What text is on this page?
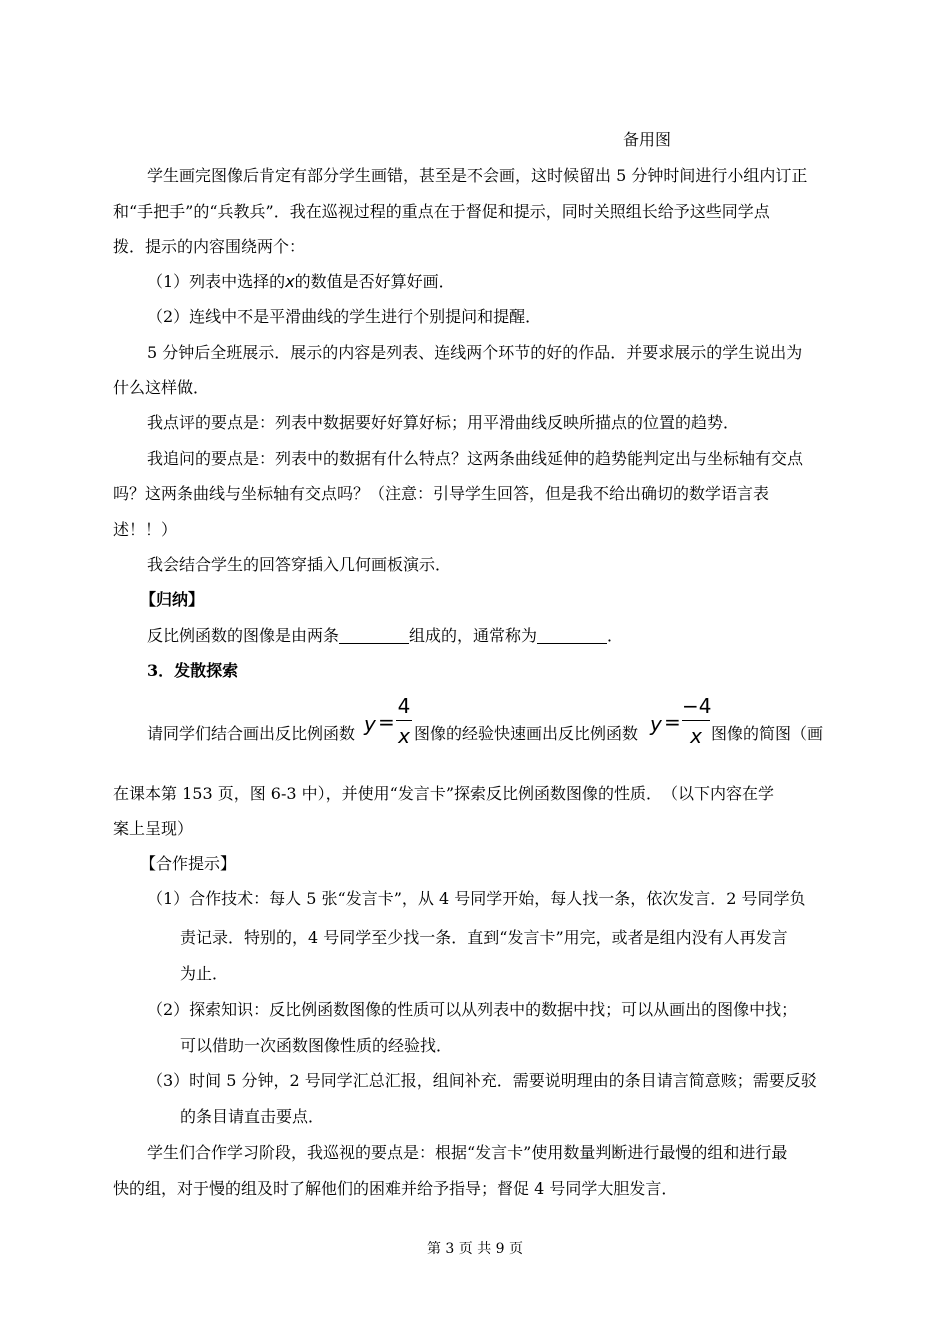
备用图
学生画完图像后肯定有部分学生画错，甚至是不会画，这时候留出 5 分钟时间进行小组内订正
和“手把手”的“兵教兵”．我在巡视过程的重点在于督促和提示，同时关照组长给予这些同学点
拨．提示的内容围绕两个：
（1）列表中选择的x的数值是否好算好画．
（2）连线中不是平滑曲线的学生进行个别提问和提醒．
5 分钟后全班展示．展示的内容是列表、连线两个环节的好的作品．并要求展示的学生说出为
什么这样做．
我点评的要点是：列表中数据要好好算好标；用平滑曲线反映所描点的位置的趋势．
我追问的要点是：列表中的数据有什么特点？这两条曲线延伸的趋势能判定出与坐标轴有交点
吗？这两条曲线与坐标轴有交点吗？（注意：引导学生回答，但是我不给出确切的数学语言表
述！！）
我会结合学生的回答穿插入几何画板演示．
【归纳】
反比例函数的图像是由两条	组成的，通常称为	．
3．发散探索
y =
4
x	y =
−4
x
请同学们结合画出反比例函数	图像的经验快速画出反比例函数	图像的简图（画
在课本第 153 页，图 6-3 中），并使用“发言卡”探索反比例函数图像的性质．　（以下内容在学
案上呈现）
【合作提示】
（1）合作技术：每人 5 张“发言卡”，从 4 号同学开始，每人找一条，依次发言．2 号同学负
责记录．特别的，4 号同学至少找一条．直到“发言卡”用完，或者是组内没有人再发言
为止．
（2）探索知识：反比例函数图像的性质可以从列表中的数据中找；可以从画出的图像中找；
可以借助一次函数图像性质的经验找．
（3）时间 5 分钟，2 号同学汇总汇报，组间补充．需要说明理由的条目请言简意赅；需要反驳
的条目请直击要点．
学生们合作学习阶段，我巡视的要点是：根据“发言卡”使用数量判断进行最慢的组和进行最
快的组，对于慢的组及时了解他们的困难并给予指导；督促 4 号同学大胆发言．
第 3 页 共 9 页
